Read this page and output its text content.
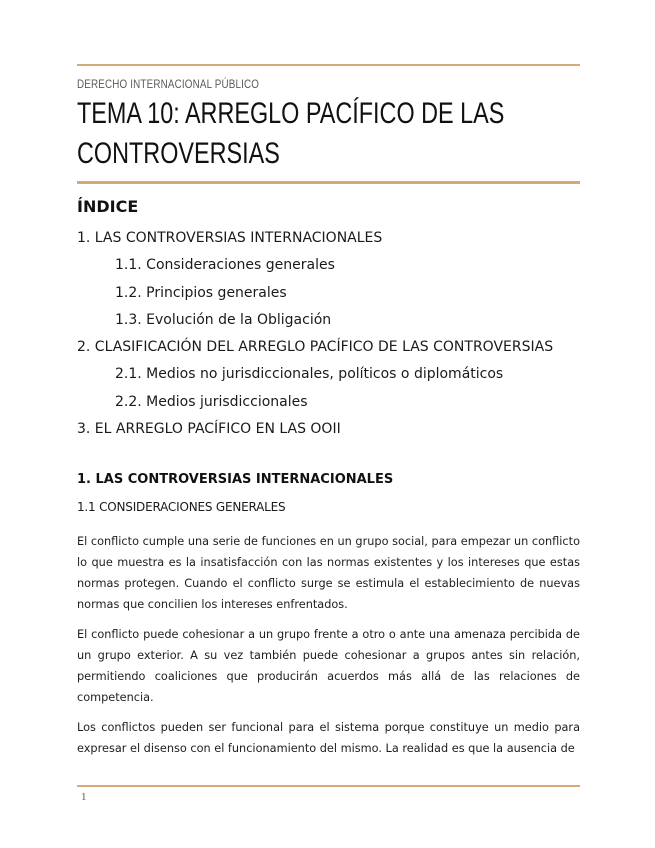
DERECHO INTERNACIONAL PÚBLICO
TEMA 10: ARREGLO PACÍFICO DE LAS
CONTROVERSIAS
ÍNDICE
1. LAS CONTROVERSIAS INTERNACIONALES
1.1. Consideraciones generales
1.2. Principios generales
1.3. Evolución de la Obligación
2. CLASIFICACIÓN DEL ARREGLO PACÍFICO DE LAS CONTROVERSIAS
2.1. Medios no jurisdiccionales, políticos o diplomáticos
2.2. Medios jurisdiccionales
3. EL ARREGLO PACÍFICO EN LAS OOII
1. LAS CONTROVERSIAS INTERNACIONALES
1.1 CONSIDERACIONES GENERALES

El conflicto cumple una serie de funciones en un grupo social, para empezar un conflicto lo que muestra es la insatisfacción con las normas existentes y los intereses que estas normas protegen. Cuando el conflicto surge se estimula el establecimiento de nuevas normas que concilien los intereses enfrentados.

El conflicto puede cohesionar a un grupo frente a otro o ante una amenaza percibida de un grupo exterior. A su vez también puede cohesionar a grupos antes sin relación, permitiendo coaliciones que producirán acuerdos más allá de las relaciones de competencia.

Los conflictos pueden ser funcional para el sistema porque constituye un medio para expresar el disenso con el funcionamiento del mismo. La realidad es que la ausencia de

1
